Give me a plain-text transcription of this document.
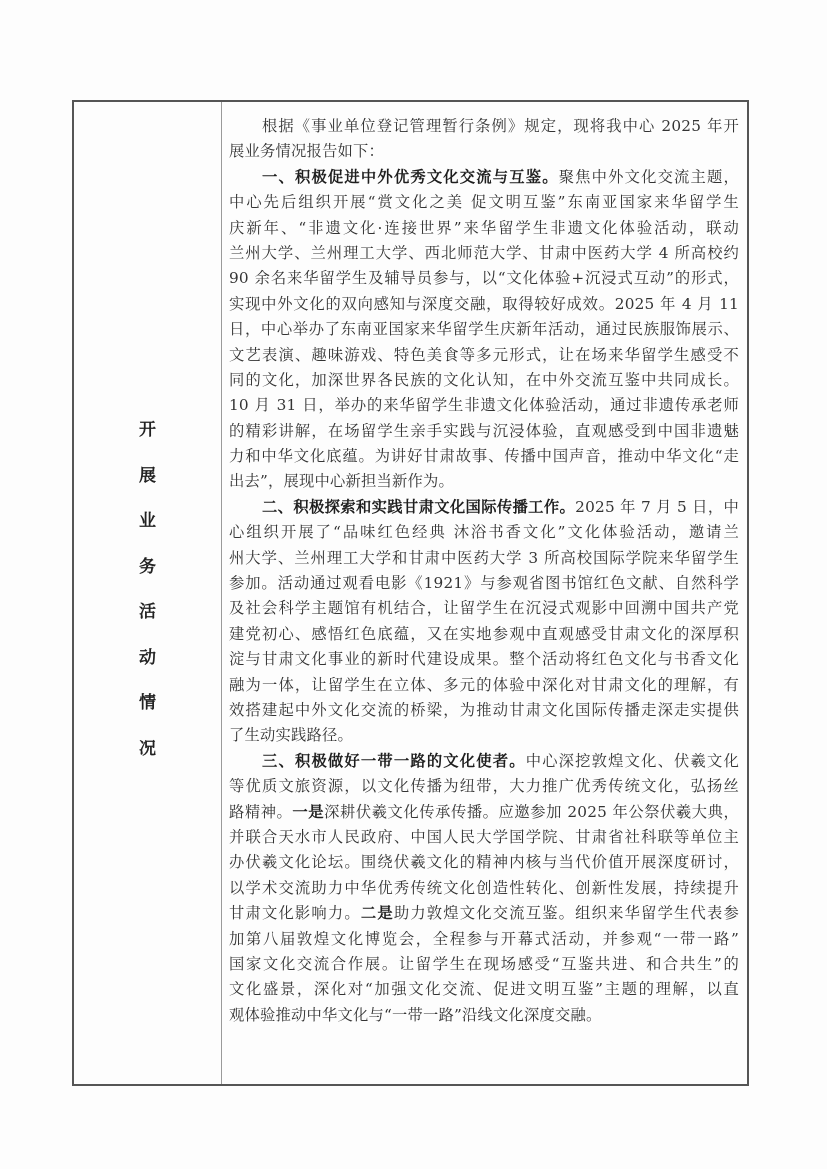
开
展
业
务
活
动
情
况
根据《事业单位登记管理暂行条例》规定，现将我中心 2025 年开
展业务情况报告如下：
一、积极促进中外优秀文化交流与互鉴。聚焦中外文化交流主题，
中心先后组织开展“赏文化之美 促文明互鉴”东南亚国家来华留学生
庆新年、“非遗文化·连接世界”来华留学生非遗文化体验活动，联动
兰州大学、兰州理工大学、西北师范大学、甘肃中医药大学 4 所高校约
90 余名来华留学生及辅导员参与，以“文化体验+沉浸式互动”的形式，
实现中外文化的双向感知与深度交融，取得较好成效。2025 年 4 月 11
日，中心举办了东南亚国家来华留学生庆新年活动，通过民族服饰展示、
文艺表演、趣味游戏、特色美食等多元形式，让在场来华留学生感受不
同的文化，加深世界各民族的文化认知，在中外交流互鉴中共同成长。
10 月 31 日，举办的来华留学生非遗文化体验活动，通过非遗传承老师
的精彩讲解，在场留学生亲手实践与沉浸体验，直观感受到中国非遗魅
力和中华文化底蕴。为讲好甘肃故事、传播中国声音，推动中华文化“走
出去”，展现中心新担当新作为。
二、积极探索和实践甘肃文化国际传播工作。2025 年 7 月 5 日，中
心组织开展了“品味红色经典 沐浴书香文化”文化体验活动，邀请兰
州大学、兰州理工大学和甘肃中医药大学 3 所高校国际学院来华留学生
参加。活动通过观看电影《1921》与参观省图书馆红色文献、自然科学
及社会科学主题馆有机结合，让留学生在沉浸式观影中回溯中国共产党
建党初心、感悟红色底蕴，又在实地参观中直观感受甘肃文化的深厚积
淀与甘肃文化事业的新时代建设成果。整个活动将红色文化与书香文化
融为一体，让留学生在立体、多元的体验中深化对甘肃文化的理解，有
效搭建起中外文化交流的桥梁，为推动甘肃文化国际传播走深走实提供
了生动实践路径。
三、积极做好一带一路的文化使者。中心深挖敦煌文化、伏羲文化
等优质文旅资源，以文化传播为纽带，大力推广优秀传统文化，弘扬丝
路精神。一是深耕伏羲文化传承传播。应邀参加 2025 年公祭伏羲大典，
并联合天水市人民政府、中国人民大学国学院、甘肃省社科联等单位主
办伏羲文化论坛。围绕伏羲文化的精神内核与当代价值开展深度研讨，
以学术交流助力中华优秀传统文化创造性转化、创新性发展，持续提升
甘肃文化影响力。二是助力敦煌文化交流互鉴。组织来华留学生代表参
加第八届敦煌文化博览会，全程参与开幕式活动，并参观“一带一路”
国家文化交流合作展。让留学生在现场感受“互鉴共进、和合共生”的
文化盛景，深化对“加强文化交流、促进文明互鉴”主题的理解，以直
观体验推动中华文化与“一带一路”沿线文化深度交融。
